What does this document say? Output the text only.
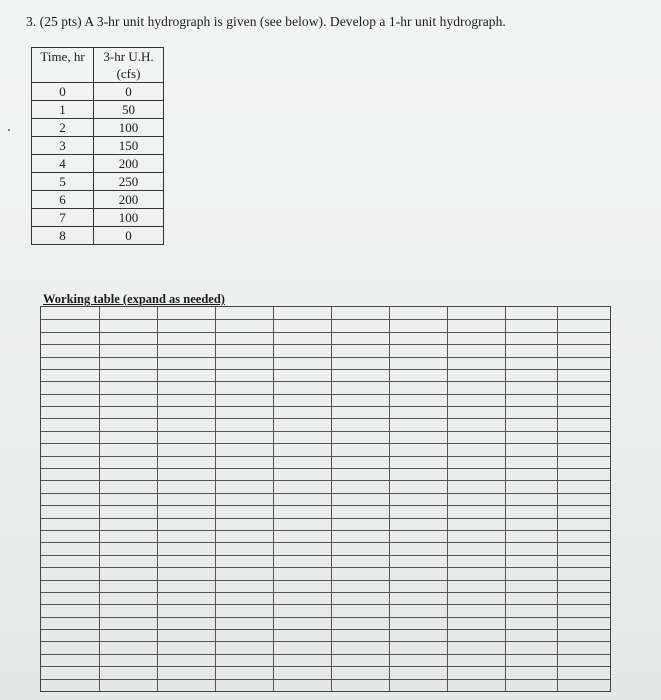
3. (25 pts) A 3-hr unit hydrograph is given (see below). Develop a 1-hr unit hydrograph.
Time, hr	3-hr U.H.
(cfs)
0	0
1	50
2	100
3	150
4	200
5	250
6	200
7	100
8	0
Working table (expand as needed)
